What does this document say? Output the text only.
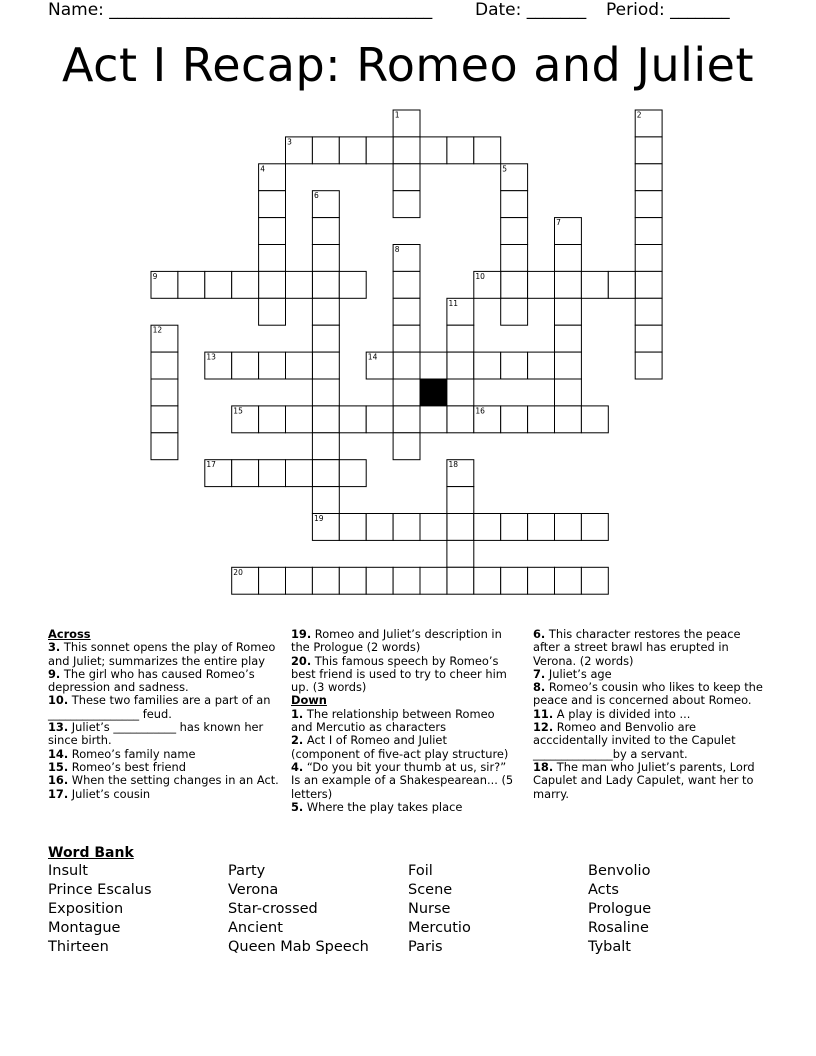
Name: ______________________________________	Date: _______ Period: _______
Act I Recap: Romeo and Juliet
1	2
3
4	5
6
7
8
9	10
11
12
13	14
15	16
17	18
19
20
Across
3. This sonnet opens the play of Romeo and Juliet; summarizes the entire play
9. The girl who has caused Romeo’s depression and sadness.
10. These two families are a part of an ________________ feud.
13. Juliet’s ___________ has known her since birth.
14. Romeo’s family name
15. Romeo’s best friend
16. When the setting changes in an Act.
17. Juliet’s cousin
19. Romeo and Juliet’s description in the Prologue (2 words)
20. This famous speech by Romeo’s best friend is used to try to cheer him up. (3 words)
Down
1. The relationship between Romeo and Mercutio as characters
2. Act I of Romeo and Juliet (component of five-act play structure)
4. “Do you bit your thumb at us, sir?” Is an example of a Shakespearean... (5 letters)
5. Where the play takes place
6. This character restores the peace after a street brawl has erupted in Verona. (2 words)
7. Juliet’s age
8. Romeo’s cousin who likes to keep the peace and is concerned about Romeo.
11. A play is divided into ...
12. Romeo and Benvolio are acccidentally invited to the Capulet ______________by a servant.
18. The man who Juliet’s parents, Lord Capulet and Lady Capulet, want her to marry.
Word Bank
Insult	Party	Foil	Benvolio
Prince Escalus	Verona	Scene	Acts
Exposition	Star-crossed	Nurse	Prologue
Montague	Ancient	Mercutio	Rosaline
Thirteen	Queen Mab Speech	Paris	Tybalt
